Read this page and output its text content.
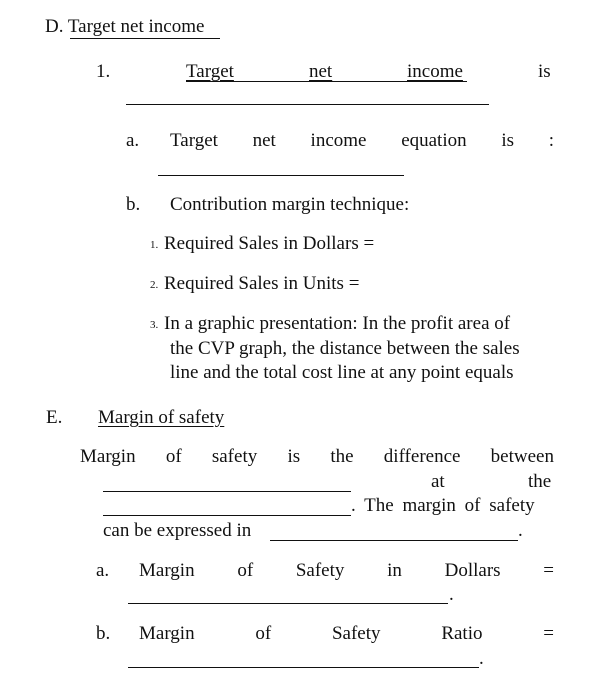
D. Target net income
1.	Target	net	income	is
a. Target net income equation is :
b. Contribution margin technique:
1. Required Sales in Dollars =
2. Required Sales in Units =
3. In a graphic presentation: In the profit area of
the CVP graph, the distance between the sales
line and the total cost line at any point equals
E. Margin of safety
Margin of safety is the difference between
at	the
. The margin of safety
can be expressed in	.
a. Margin of Safety in Dollars =
.
b. Margin	of	Safety	Ratio	=
.
